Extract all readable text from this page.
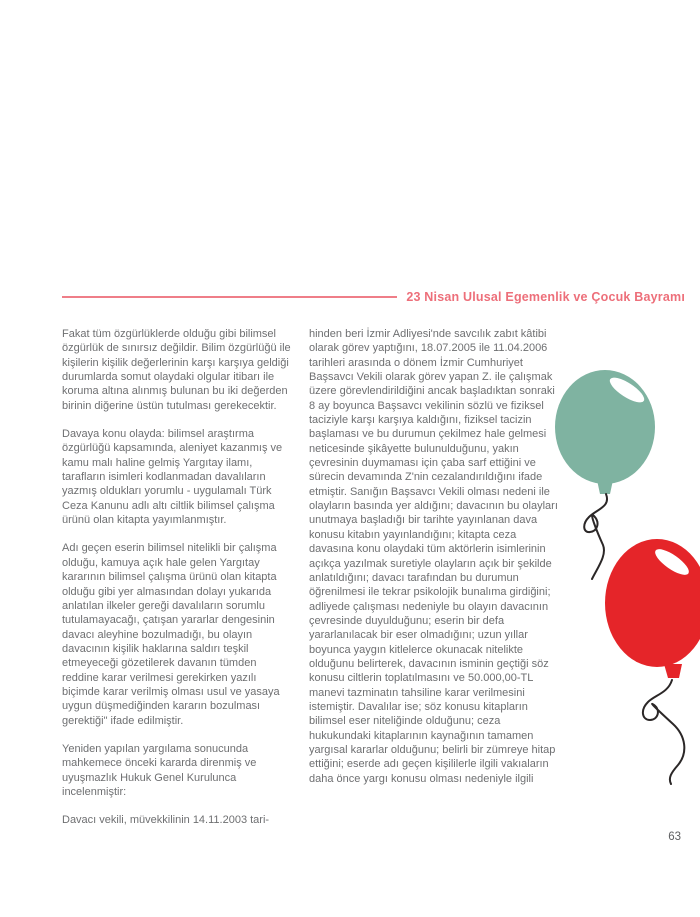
23 Nisan Ulusal Egemenlik ve Çocuk Bayramı

Fakat tüm özgürlüklerde olduğu gibi bilimsel özgürlük de sınırsız değildir. Bilim özgürlüğü ile kişilerin kişilik değerlerinin karşı karşıya geldiği durumlarda somut olaydaki olgular itibarı ile koruma altına alınmış bulunan bu iki değerden birinin diğerine üstün tutulması gerekecektir.

Davaya konu olayda: bilimsel araştırma özgürlüğü kapsamında, aleniyet kazanmış ve kamu malı haline gelmiş Yargıtay ilamı, tarafların isimleri kodlanmadan davalıların yazmış oldukları yorumlu - uygulamalı Türk Ceza Kanunu adlı altı ciltlik bilimsel çalışma ürünü olan kitapta yayımlanmıştır.

Adı geçen eserin bilimsel nitelikli bir çalışma olduğu, kamuya açık hale gelen Yargıtay kararının bilimsel çalışma ürünü olan kitapta olduğu gibi yer almasından dolayı yukarıda anlatılan ilkeler gereği davalıların sorumlu tutulamayacağı, çatışan yararlar dengesinin davacı aleyhine bozulmadığı, bu olayın davacının kişilik haklarına saldırı teşkil etmeyeceği gözetilerek davanın tümden reddine karar verilmesi gerekirken yazılı biçimde karar verilmiş olması usul ve yasaya uygun düşmediğinden kararın bozulması gerektiği" ifade edilmiştir.

Yeniden yapılan yargılama sonucunda mahkemece önceki kararda direnmiş ve uyuşmazlık Hukuk Genel Kurulunca incelenmiştir:

Davacı vekili, müvekkilinin 14.11.2003 tari-

hinden beri İzmir Adliyesi'nde savcılık zabıt kâtibi olarak görev yaptığını, 18.07.2005 ile 11.04.2006 tarihleri arasında o dönem İzmir Cumhuriyet Başsavcı Vekili olarak görev yapan Z. ile çalışmak üzere görevlendirildiğini ancak başladıktan sonraki 8 ay boyunca Başsavcı vekilinin sözlü ve fiziksel taciziyle karşı karşıya kaldığını, fiziksel tacizin başlaması ve bu durumun çekilmez hale gelmesi neticesinde şikâyette bulunulduğunu, yakın çevresinin duymaması için çaba sarf ettiğini ve sürecin devamında Z'nin cezalandırıldığını ifade etmiştir. Sanığın Başsavcı Vekili olması nedeni ile olayların basında yer aldığını; davacının bu olayları unutmaya başladığı bir tarihte yayınlanan dava konusu kitabın yayınlandığını; kitapta ceza davasına konu olaydaki tüm aktörlerin isimlerinin açıkça yazılmak suretiyle olayların açık bir şekilde anlatıldığını; davacı tarafından bu durumun öğrenilmesi ile tekrar psikolojik bunalıma girdiğini; adliyede çalışması nedeniyle bu olayın davacının çevresinde duyulduğunu; eserin bir defa yararlanılacak bir eser olmadığını; uzun yıllar boyunca yaygın kitlelerce okunacak nitelikte olduğunu belirterek, davacının isminin geçtiği söz konusu ciltlerin toplatılmasını ve 50.000,00-TL manevi tazminatın tahsiline karar verilmesini istemiştir. Davalılar ise; söz konusu kitapların bilimsel eser niteliğinde olduğunu; ceza hukukundaki kitaplarının kaynağının tamamen yargısal kararlar olduğunu; belirli bir zümreye hitap ettiğini; eserde adı geçen kişililerle ilgili vakıaların daha önce yargı konusu olması nedeniyle ilgili

63
